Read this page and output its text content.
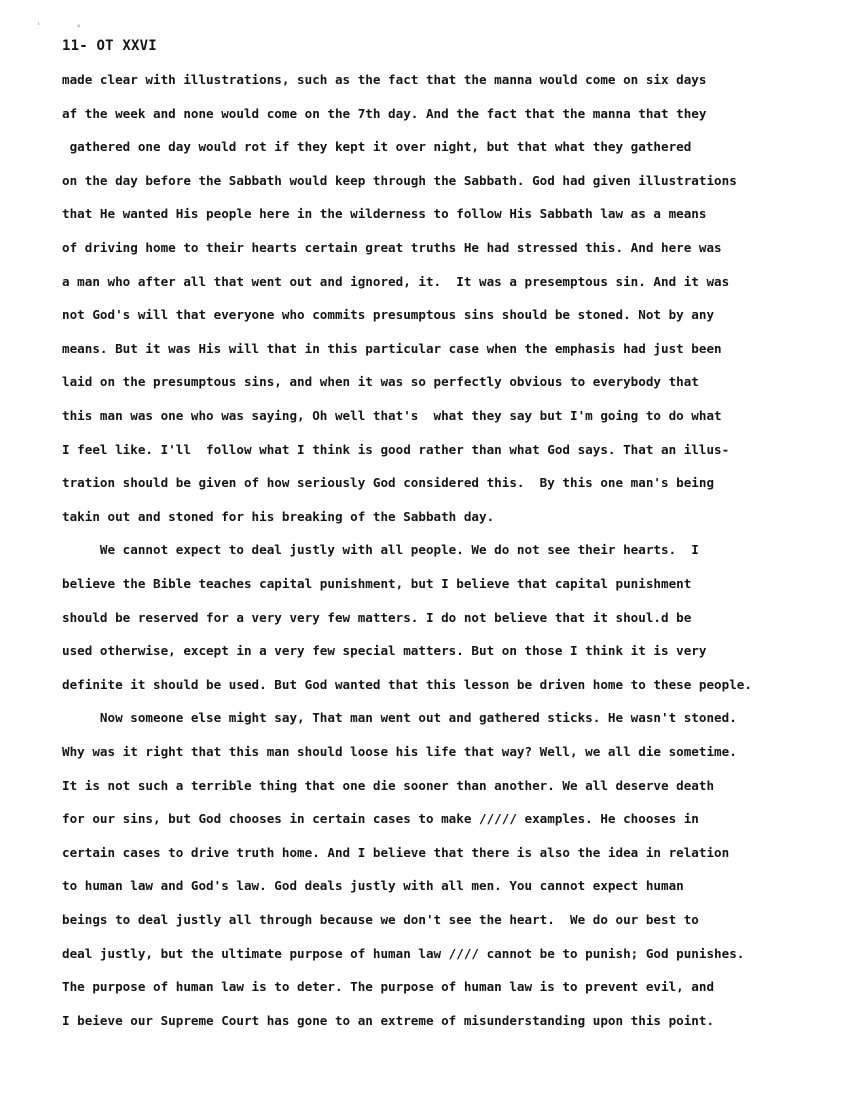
'	°
11- OT XXVI
made clear with illustrations, such as the fact that the manna would come on six days
af the week and none would come on the 7th day. And the fact that the manna that they
gathered one day would rot if they kept it over night, but that what they gathered
on the day before the Sabbath would keep through the Sabbath. God had given illustrations
that He wanted His people here in the wilderness to follow His Sabbath law as a means
of driving home to their hearts certain great truths He had stressed this. And here was
a man who after all that went out and ignored, it.  It was a presemptous sin. And it was
not God's will that everyone who commits presumptous sins should be stoned. Not by any
means. But it was His will that in this particular case when the emphasis had just been
laid on the presumptous sins, and when it was so perfectly obvious to everybody that
this man was one who was saying, Oh well that's  what they say but I'm going to do what
I feel like. I'll  follow what I think is good rather than what God says. That an illus-
tration should be given of how seriously God considered this.  By this one man's being
takin out and stoned for his breaking of the Sabbath day.
We cannot expect to deal justly with all people. We do not see their hearts.  I
believe the Bible teaches capital punishment, but I believe that capital punishment
should be reserved for a very very few matters. I do not believe that it shoul.d be
used otherwise, except in a very few special matters. But on those I think it is very
definite it should be used. But God wanted that this lesson be driven home to these people.
Now someone else might say, That man went out and gathered sticks. He wasn't stoned.
Why was it right that this man should loose his life that way? Well, we all die sometime.
It is not such a terrible thing that one die sooner than another. We all deserve death
for our sins, but God chooses in certain cases to make ///// examples. He chooses in
certain cases to drive truth home. And I believe that there is also the idea in relation
to human law and God's law. God deals justly with all men. You cannot expect human
beings to deal justly all through because we don't see the heart.  We do our best to
deal justly, but the ultimate purpose of human law //// cannot be to punish; God punishes.
The purpose of human law is to deter. The purpose of human law is to prevent evil, and
I beieve our Supreme Court has gone to an extreme of misunderstanding upon this point.
